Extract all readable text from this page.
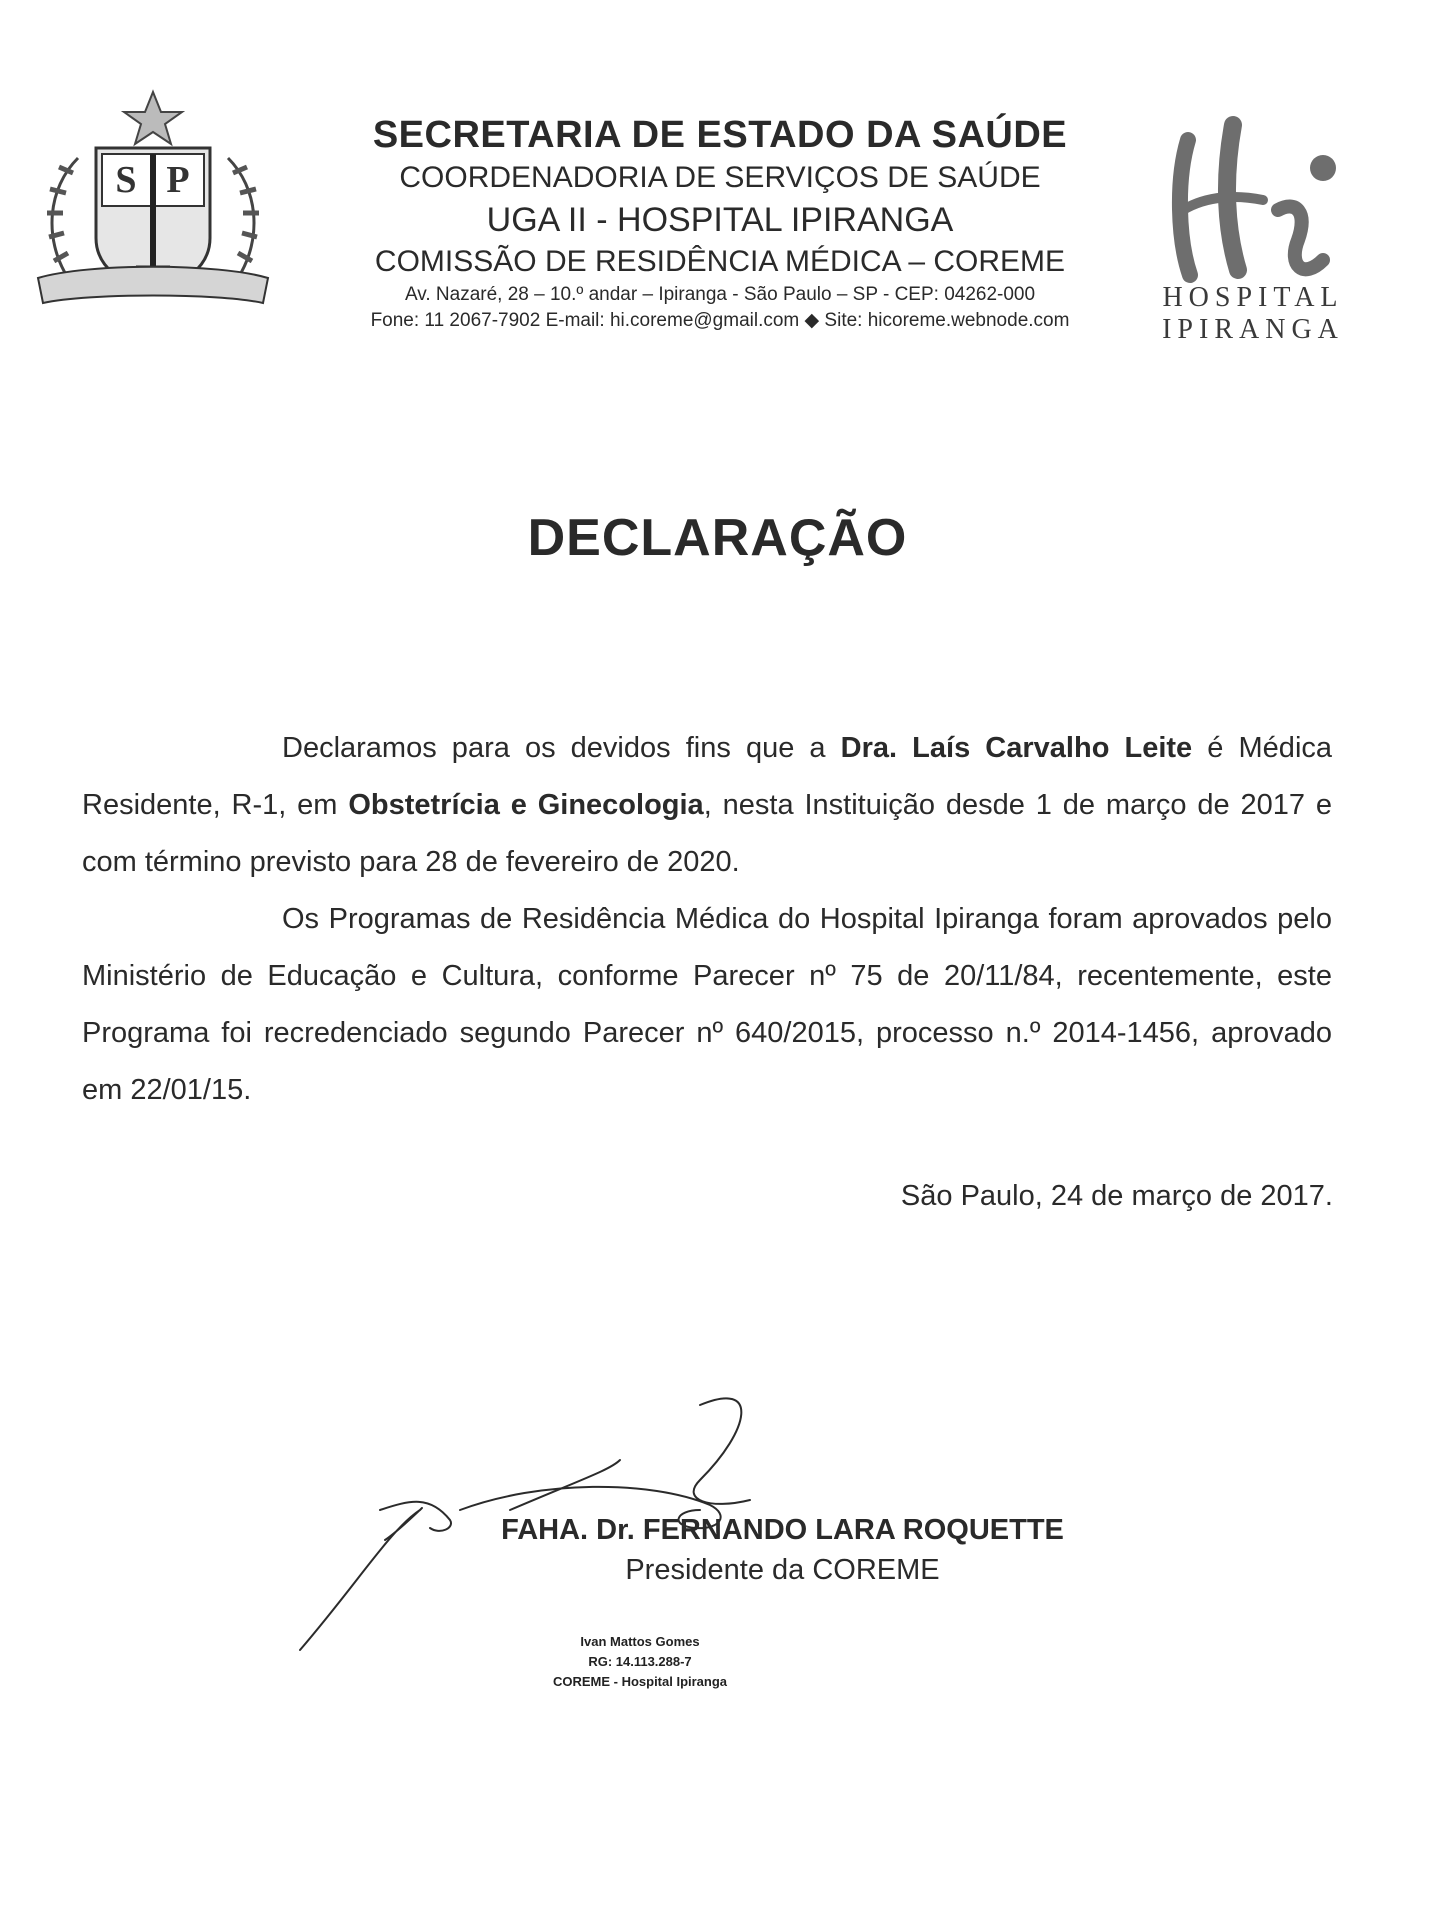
S P
SECRETARIA DE ESTADO DA SAÚDE
COORDENADORIA DE SERVIÇOS DE SAÚDE
UGA II - HOSPITAL IPIRANGA
COMISSÃO DE RESIDÊNCIA MÉDICA – COREME
Av. Nazaré, 28 – 10.º andar – Ipiranga - São Paulo – SP - CEP: 04262-000
Fone: 11 2067-7902 E-mail: hi.coreme@gmail.com ◆ Site: hicoreme.webnode.com
HOSPITAL
IPIRANGA
DECLARAÇÃO

Declaramos para os devidos fins que a Dra. Laís Carvalho Leite é Médica Residente, R-1, em Obstetrícia e Ginecologia, nesta Instituição desde 1 de março de 2017 e com término previsto para 28 de fevereiro de 2020.

Os Programas de Residência Médica do Hospital Ipiranga foram aprovados pelo Ministério de Educação e Cultura, conforme Parecer nº 75 de 20/11/84, recentemente, este Programa foi recredenciado segundo Parecer nº 640/2015, processo n.º 2014-1456, aprovado em 22/01/15.

São Paulo, 24 de março de 2017.
FAHA. Dr. FERNANDO LARA ROQUETTE
Presidente da COREME
Ivan Mattos Gomes
RG: 14.113.288-7
COREME - Hospital Ipiranga
